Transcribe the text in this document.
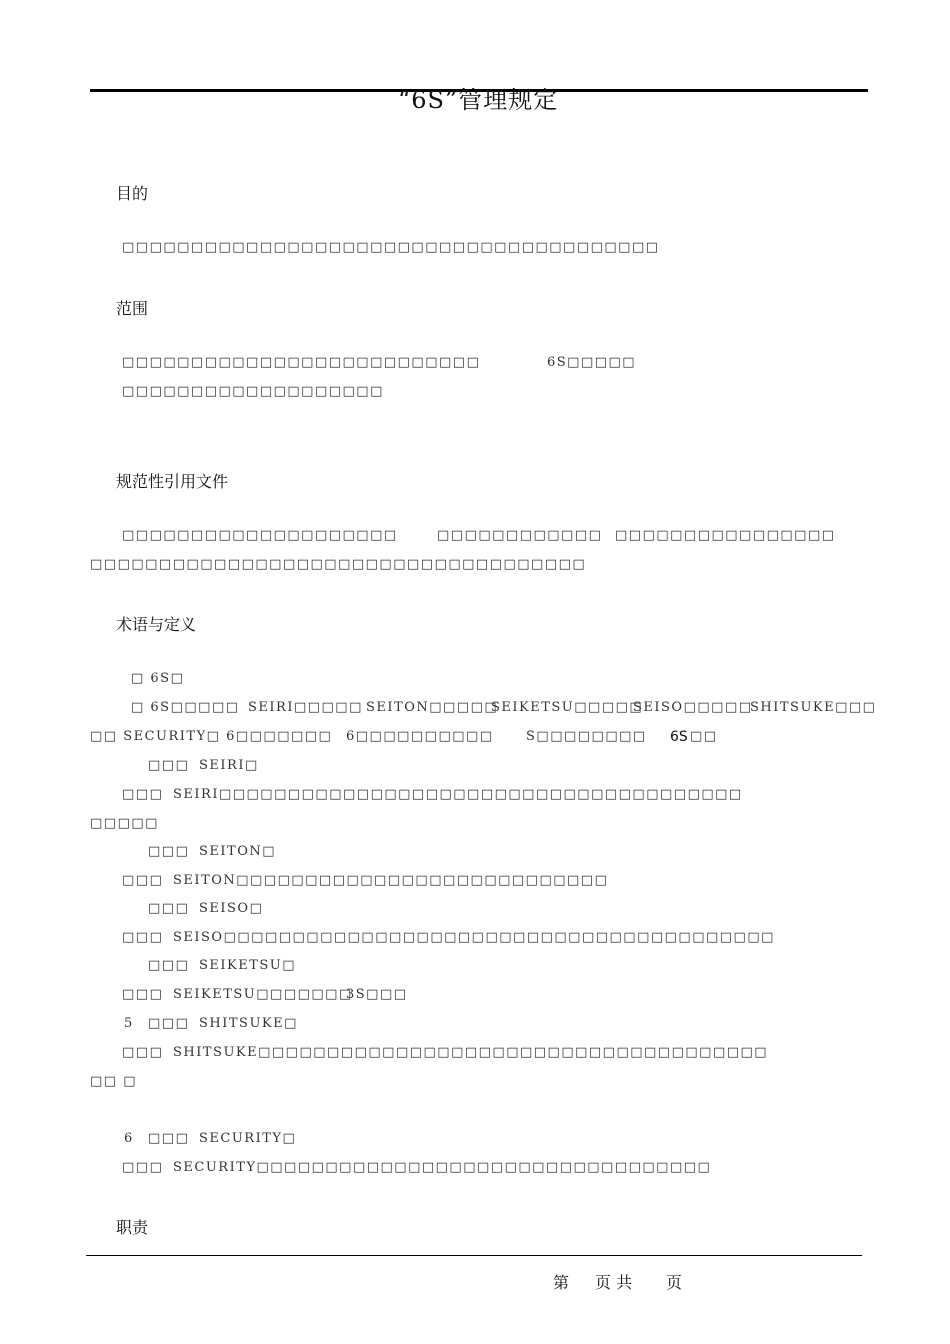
“6S”管理规定
目的
□□□□□□□□□□□□□□□□□□□□□□□□□□□□□□□□□□□□□□□
范围
□□□□□□□□□□□□□□□□□□□□□□□□□□	6S□□□□□
□□□□□□□□□□□□□□□□□□□
规范性引用文件
□□□□□□□□□□□□□□□□□□□□	□□□□□□□□□□□□ □□□□□□□□□□□□□□□□
□□□□□□□□□□□□□□□□□□□□□□□□□□□□□□□□□□□□
术语与定义
□ 6S□
□ 6S□□□□□ SEIRI□□□□□ SEITON□□□□□
SEIKETSU□□□□□
SEISO□□□□□
SHITSUKE□□□
□□ SECURITY□ 6□□□□□□□ 6□□□□□□□□□□ S□□□□□□□□ 6S □□
□□□ SEIRI□
□□□ SEIRI□□□□□□□□□□□□□□□□□□□□□□□□□□□□□□□□□□□□□□
□□□□□
□□□ SEITON□
□□□ SEITON□□□□□□□□□□□□□□□□□□□□□□□□□□□
□□□ SEISO□
□□□ SEISO□□□□□□□□□□□□□□□□□□□□□□□□□□□□□□□□□□□□□□□□
□□□ SEIKETSU□
□□□ SEIKETSU□□□□□□□
3S□□□
5 □□□ SHITSUKE□
□□□ SHITSUKE□□□□□□□□□□□□□□□□□□□□□□□□□□□□□□□□□□□□□
□□ □
6 □□□ SECURITY□
□□□ SECURITY□□□□□□□□□□□□□□□□□□□□□□□□□□□□□□□□□
职责
第 页 共 页
